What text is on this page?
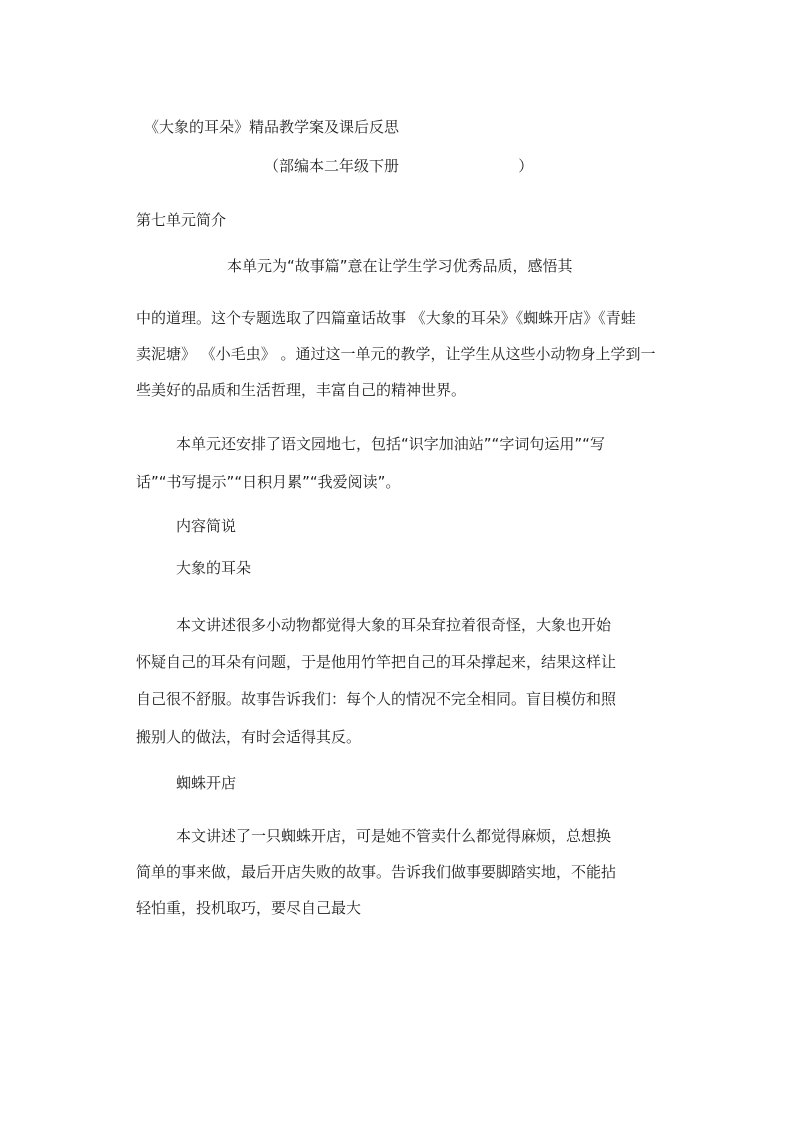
《大象的耳朵》精品教学案及课后反思

（部编本二年级下册                         ）

第七单元简介

本单元为“故事篇”意在让学生学习优秀品质，感悟其

中的道理。这个专题选取了四篇童话故事 《大象的耳朵》《蜘蛛开店》《青蛙

卖泥塘》 《小毛虫》 。通过这一单元的教学，让学生从这些小动物身上学到一

些美好的品质和生活哲理，丰富自己的精神世界。

本单元还安排了语文园地七，包括“识字加油站”“字词句运用”“写

话”“书写提示”“日积月累”“我爱阅读”。

内容简说

大象的耳朵

本文讲述很多小动物都觉得大象的耳朵耷拉着很奇怪，大象也开始

怀疑自己的耳朵有问题，于是他用竹竿把自己的耳朵撑起来，结果这样让

自己很不舒服。故事告诉我们：每个人的情况不完全相同。盲目模仿和照

搬别人的做法，有时会适得其反。

蜘蛛开店

本文讲述了一只蜘蛛开店，可是她不管卖什么都觉得麻烦，总想换

简单的事来做，最后开店失败的故事。告诉我们做事要脚踏实地，不能拈

轻怕重，投机取巧，要尽自己最大
